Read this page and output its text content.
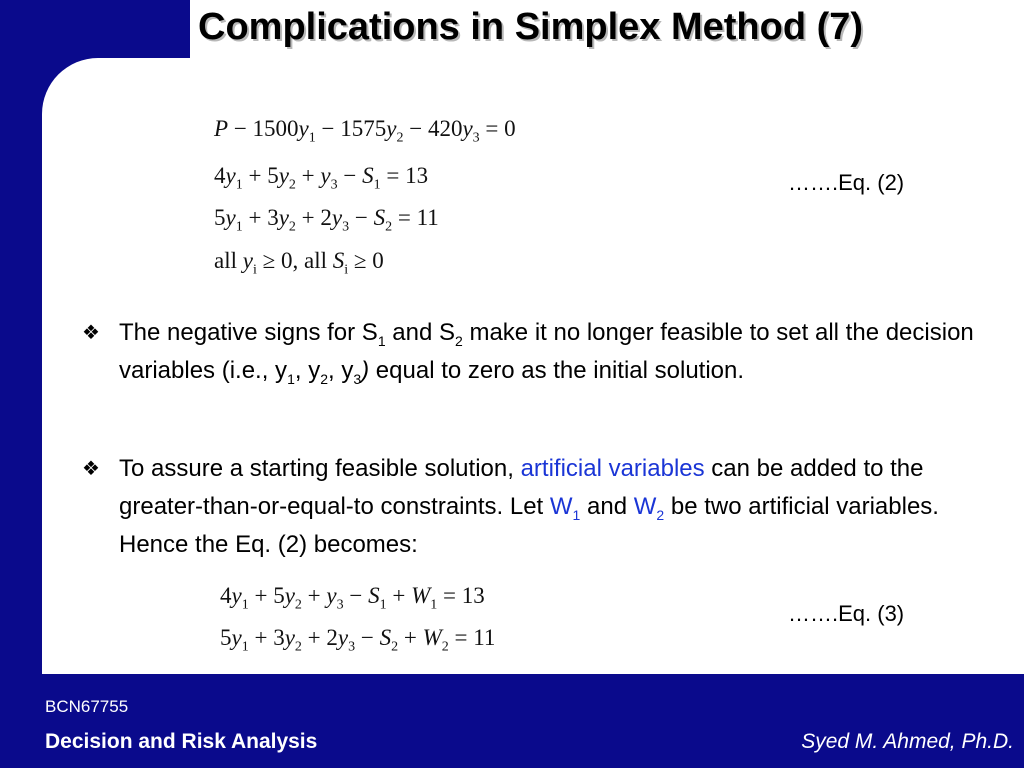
Complications in Simplex Method (7)
$P - 1500y_1 - 1575y_2 - 420y_3 = 0$
$4y_1 + 5y_2 + y_3 - S_1 = 13$
$5y_1 + 3y_2 + 2y_3 - S_2 = 11$
all $y_i \ge 0$, all $S_i \ge 0$
…….Eq. (2)
❖ The negative signs for $S_1$ and $S_2$ make it no longer feasible to set all the decision variables (i.e., $y_1$, $y_2$, $y_3$) equal to zero as the initial solution.
❖ To assure a starting feasible solution, artificial variables can be added to the greater-than-or-equal-to constraints. Let $W_1$ and $W_2$ be two artificial variables. Hence the Eq. (2) becomes:
$4y_1 + 5y_2 + y_3 - S_1 + W_1 = 13$
$5y_1 + 3y_2 + 2y_3 - S_2 + W_2 = 11$
…….Eq. (3)
BCN67755
Decision and Risk Analysis	Syed M. Ahmed, Ph.D.
